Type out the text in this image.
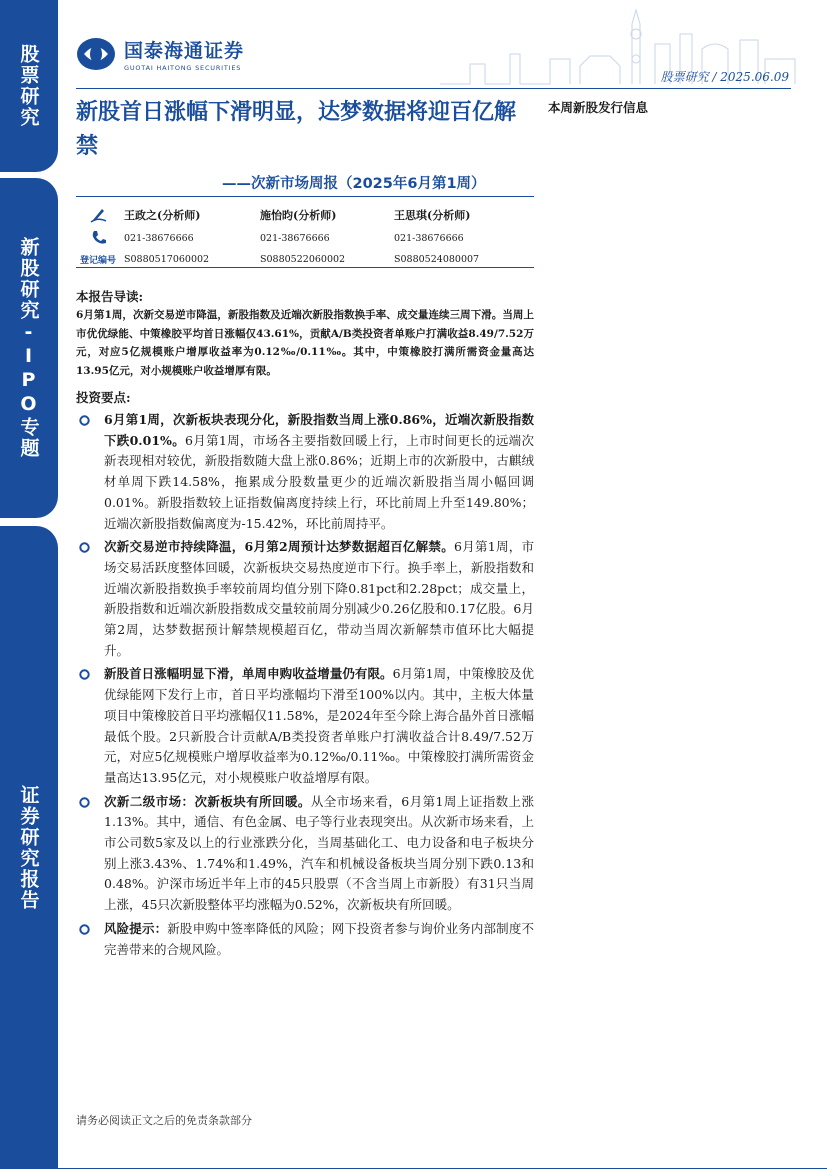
股票研究
新股研究-IPO专题
证券研究报告
国泰海通证券
GUOTAI HAITONG SECURITIES
股票研究 / 2025.06.09
新股首日涨幅下滑明显，达梦数据将迎百亿解禁
——次新市场周报（2025年6月第1周）
本周新股发行信息
登记编号
王政之(分析师)	施怡昀(分析师)	王思琪(分析师)
021-38676666	021-38676666	021-38676666
S0880517060002	S0880522060002	S0880524080007
本报告导读:

6月第1周，次新交易逆市降温，新股指数及近端次新股指数换手率、成交量连续三周下滑。当周上市优优绿能、中策橡胶平均首日涨幅仅43.61%，贡献A/B类投资者单账户打满收益8.49/7.52万元，对应5亿规模账户增厚收益率为0.12‰/0.11‰。其中，中策橡胶打满所需资金量高达13.95亿元，对小规模账户收益增厚有限。

投资要点:
6月第1周，次新板块表现分化，新股指数当周上涨0.86%，近端次新股指数下跌0.01%。6月第1周，市场各主要指数回暖上行，上市时间更长的远端次新表现相对较优，新股指数随大盘上涨0.86%；近期上市的次新股中，古麒绒材单周下跌14.58%，拖累成分股数量更少的近端次新股指当周小幅回调0.01%。新股指数较上证指数偏离度持续上行，环比前周上升至149.80%；近端次新股指数偏离度为-15.42%，环比前周持平。
次新交易逆市持续降温，6月第2周预计达梦数据超百亿解禁。6月第1周，市场交易活跃度整体回暖，次新板块交易热度逆市下行。换手率上，新股指数和近端次新股指数换手率较前周均值分别下降0.81pct和2.28pct；成交量上，新股指数和近端次新股指数成交量较前周分别减少0.26亿股和0.17亿股。6月第2周，达梦数据预计解禁规模超百亿，带动当周次新解禁市值环比大幅提升。
新股首日涨幅明显下滑，单周申购收益增量仍有限。6月第1周，中策橡胶及优优绿能网下发行上市，首日平均涨幅均下滑至100%以内。其中，主板大体量项目中策橡胶首日平均涨幅仅11.58%，是2024年至今除上海合晶外首日涨幅最低个股。2只新股合计贡献A/B类投资者单账户打满收益合计8.49/7.52万元，对应5亿规模账户增厚收益率为0.12‰/0.11‰。中策橡胶打满所需资金量高达13.95亿元，对小规模账户收益增厚有限。
次新二级市场：次新板块有所回暖。从全市场来看，6月第1周上证指数上涨1.13%。其中，通信、有色金属、电子等行业表现突出。从次新市场来看，上市公司数5家及以上的行业涨跌分化，当周基础化工、电力设备和电子板块分别上涨3.43%、1.74%和1.49%，汽车和机械设备板块当周分别下跌0.13和0.48%。沪深市场近半年上市的45只股票（不含当周上市新股）有31只当周上涨，45只次新股整体平均涨幅为0.52%，次新板块有所回暖。
风险提示：新股申购中签率降低的风险；网下投资者参与询价业务内部制度不完善带来的合规风险。
请务必阅读正文之后的免责条款部分
